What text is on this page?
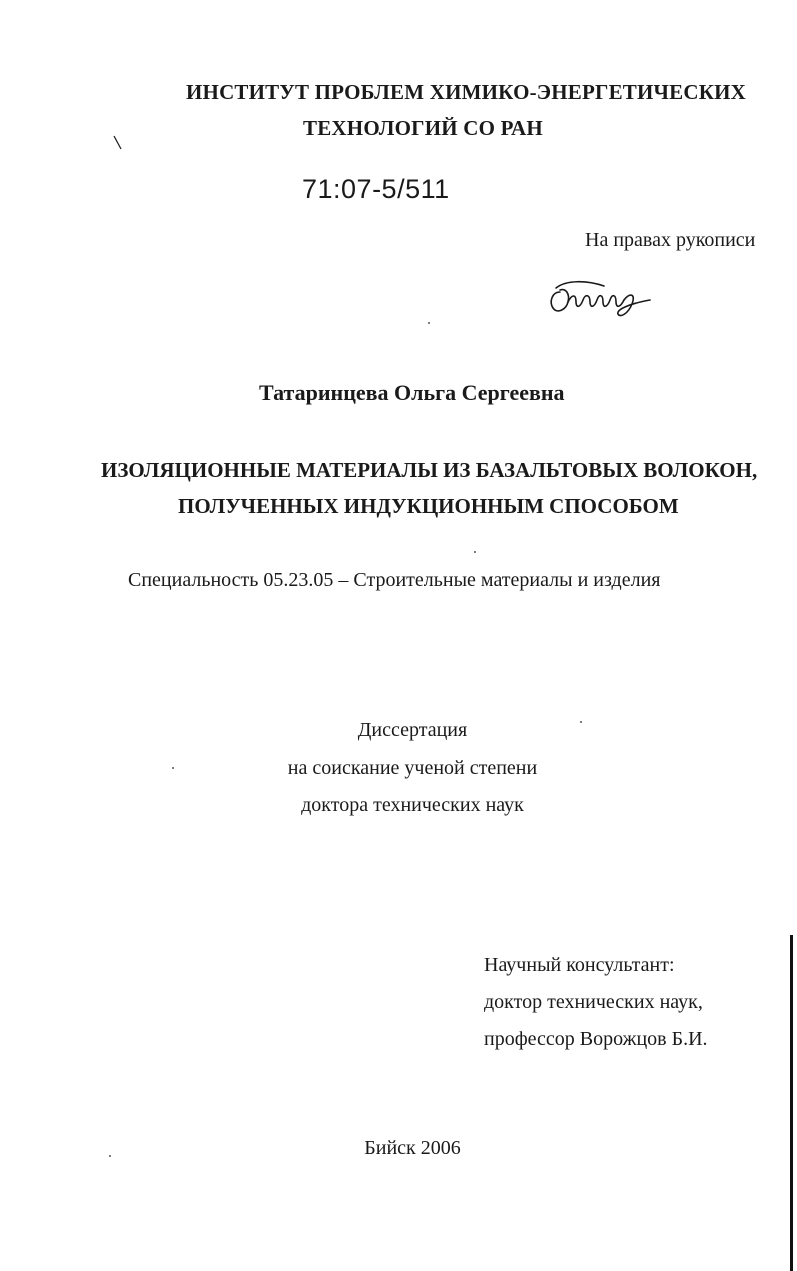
ИНСТИТУТ ПРОБЛЕМ ХИМИКО-ЭНЕРГЕТИЧЕСКИХ
ТЕХНОЛОГИЙ СО РАН
71:07-5/511
На правах рукописи
Татаринцева Ольга Сергеевна
ИЗОЛЯЦИОННЫЕ МАТЕРИАЛЫ ИЗ БАЗАЛЬТОВЫХ ВОЛОКОН,
ПОЛУЧЕННЫХ ИНДУКЦИОННЫМ СПОСОБОМ
Специальность 05.23.05 – Строительные материалы и изделия
Диссертация
на соискание ученой степени
доктора технических наук
Научный консультант:
доктор технических наук,
профессор Ворожцов Б.И.
Бийск 2006
